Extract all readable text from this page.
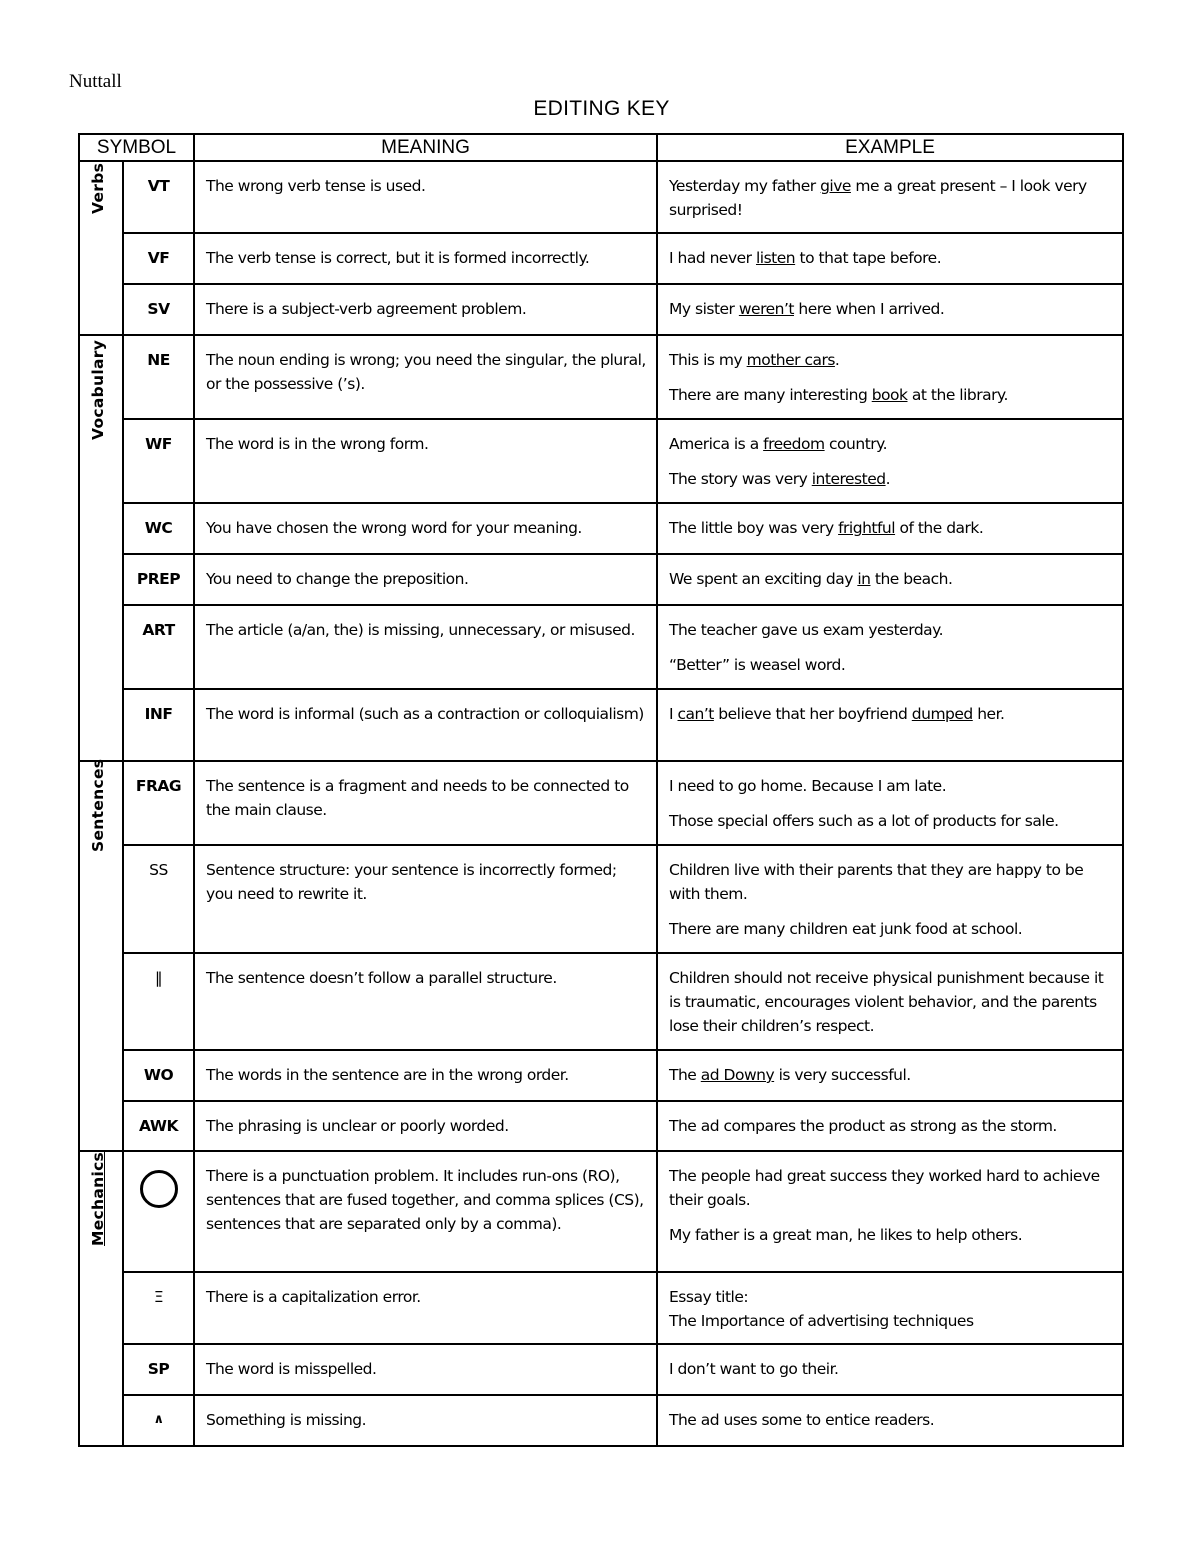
Nuttall
EDITING KEY
SYMBOL		MEANING	EXAMPLE

Verbs	VT	The wrong verb tense is used.	Yesterday my father give me a great present – I look very surprised!

	VF	The verb tense is correct, but it is formed incorrectly.	I had never listen to that tape before.

	SV	There is a subject-verb agreement problem.	My sister weren’t here when I arrived.

Vocabulary	NE	The noun ending is wrong; you need the singular, the plural, or the possessive (’s).	This is my mother cars.

There are many interesting book at the library.

	WF	The word is in the wrong form.	America is a freedom country.

The story was very interested.

	WC	You have chosen the wrong word for your meaning.	The little boy was very frightful of the dark.

	PREP	You need to change the preposition.	We spent an exciting day in the beach.

	ART	The article (a/an, the) is missing, unnecessary, or misused.	The teacher gave us exam yesterday.

“Better” is weasel word.

	INF	The word is informal (such as a contraction or colloquialism)	I can’t believe that her boyfriend dumped her.

Sentences	FRAG	The sentence is a fragment and needs to be connected to the main clause.	I need to go home. Because I am late.

Those special offers such as a lot of products for sale.

	SS	Sentence structure: your sentence is incorrectly formed; you need to rewrite it.	Children live with their parents that they are happy to be with them.

There are many children eat junk food at school.

	‖	The sentence doesn’t follow a parallel structure.	Children should not receive physical punishment because it is traumatic, encourages violent behavior, and the parents lose their children’s respect.

	WO	The words in the sentence are in the wrong order.	The ad Downy is very successful.

	AWK	The phrasing is unclear or poorly worded.	The ad compares the product as strong as the storm.

Mechanics		There is a punctuation problem. It includes run-ons (RO), sentences that are fused together, and comma splices (CS), sentences that are separated only by a comma).	The people had great success they worked hard to achieve their goals.

My father is a great man, he likes to help others.

	Ξ	There is a capitalization error.	Essay title:
The Importance of advertising techniques

	SP	The word is misspelled.	I don’t want to go their.

	∧	Something is missing.	The ad uses some to entice readers.
